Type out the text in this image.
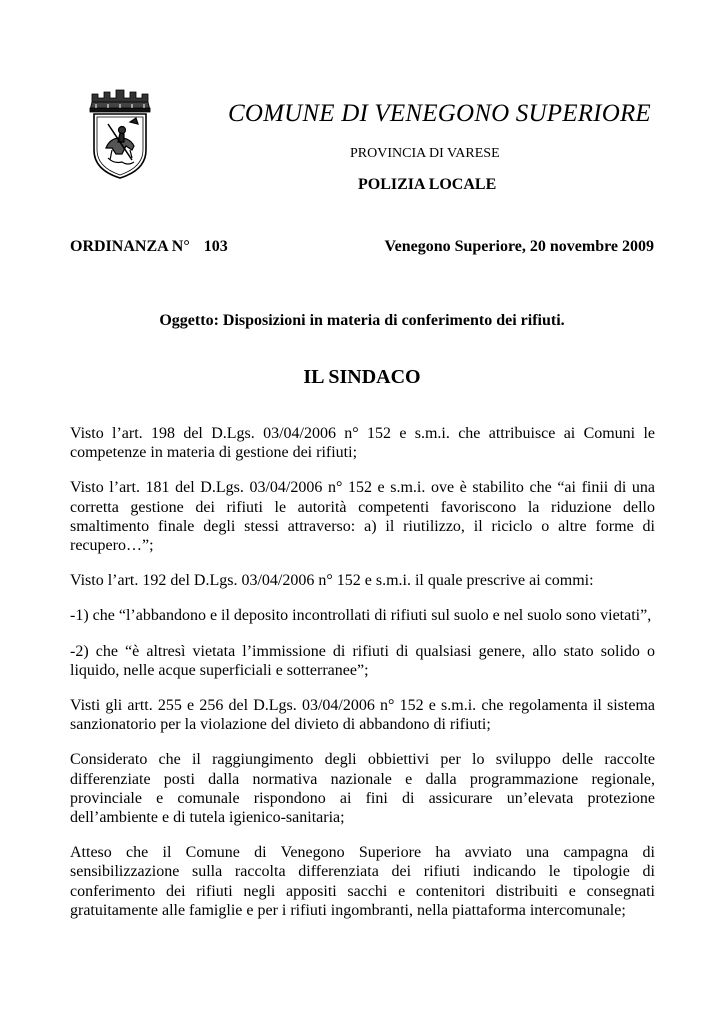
COMUNE DI VENEGONO SUPERIORE
PROVINCIA DI VARESE
POLIZIA LOCALE
ORDINANZA N° 103	Venegono Superiore, 20 novembre 2009
Oggetto: Disposizioni in materia di conferimento dei rifiuti.
IL SINDACO

Visto l’art. 198 del D.Lgs. 03/04/2006 n° 152 e s.m.i. che attribuisce ai Comuni le competenze in materia di gestione dei rifiuti;

Visto l’art. 181 del D.Lgs. 03/04/2006 n° 152 e s.m.i. ove è stabilito che “ai finii di una corretta gestione dei rifiuti le autorità competenti favoriscono la riduzione dello smaltimento finale degli stessi attraverso: a) il riutilizzo, il riciclo o altre forme di recupero…”;

Visto l’art. 192 del D.Lgs. 03/04/2006 n° 152 e s.m.i. il quale prescrive ai commi:

-1) che “l’abbandono e il deposito incontrollati di rifiuti sul suolo e nel suolo sono vietati”,

-2) che “è altresì vietata l’immissione di rifiuti di qualsiasi genere, allo stato solido o liquido, nelle acque superficiali e sotterranee”;

Visti gli artt. 255 e 256 del D.Lgs. 03/04/2006 n° 152 e s.m.i. che regolamenta il sistema sanzionatorio per la violazione del divieto di abbandono di rifiuti;

Considerato che il raggiungimento degli obbiettivi per lo sviluppo delle raccolte differenziate posti dalla normativa nazionale e dalla programmazione regionale, provinciale e comunale rispondono ai fini di assicurare un’elevata protezione dell’ambiente e di tutela igienico-sanitaria;

Atteso che il Comune di Venegono Superiore ha avviato una campagna di sensibilizzazione sulla raccolta differenziata dei rifiuti indicando le tipologie di conferimento dei rifiuti negli appositi sacchi e contenitori distribuiti e consegnati gratuitamente alle famiglie e per i rifiuti ingombranti, nella piattaforma intercomunale;
